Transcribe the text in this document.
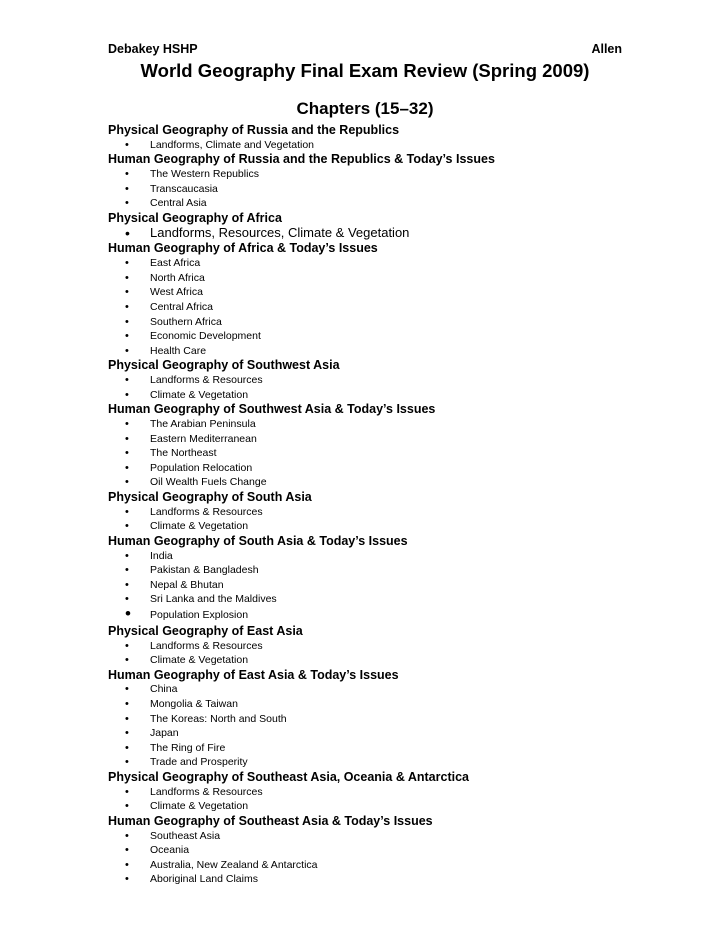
Debakey HSHP	Allen
World Geography Final Exam Review (Spring 2009)
Chapters (15–32)
Physical Geography of Russia and the Republics
• Landforms, Climate and Vegetation
Human Geography of Russia and the Republics & Today’s Issues
• The Western Republics
• Transcaucasia
• Central Asia
Physical Geography of Africa
• Landforms, Resources, Climate & Vegetation
Human Geography of Africa & Today’s Issues
• East Africa
• North Africa
• West Africa
• Central Africa
• Southern Africa
• Economic Development
• Health Care
Physical Geography of Southwest Asia
• Landforms & Resources
• Climate & Vegetation
Human Geography of Southwest Asia & Today’s Issues
• The Arabian Peninsula
• Eastern Mediterranean
• The Northeast
• Population Relocation
• Oil Wealth Fuels Change
Physical Geography of South Asia
• Landforms & Resources
• Climate & Vegetation
Human Geography of South Asia & Today’s Issues
• India
• Pakistan & Bangladesh
• Nepal & Bhutan
• Sri Lanka and the Maldives
• Population Explosion
Physical Geography of East Asia
• Landforms & Resources
• Climate & Vegetation
Human Geography of East Asia & Today’s Issues
• China
• Mongolia & Taiwan
• The Koreas: North and South
• Japan
• The Ring of Fire
• Trade and Prosperity
Physical Geography of Southeast Asia, Oceania & Antarctica
• Landforms & Resources
• Climate & Vegetation
Human Geography of Southeast Asia & Today’s Issues
• Southeast Asia
• Oceania
• Australia, New Zealand & Antarctica
• Aboriginal Land Claims
